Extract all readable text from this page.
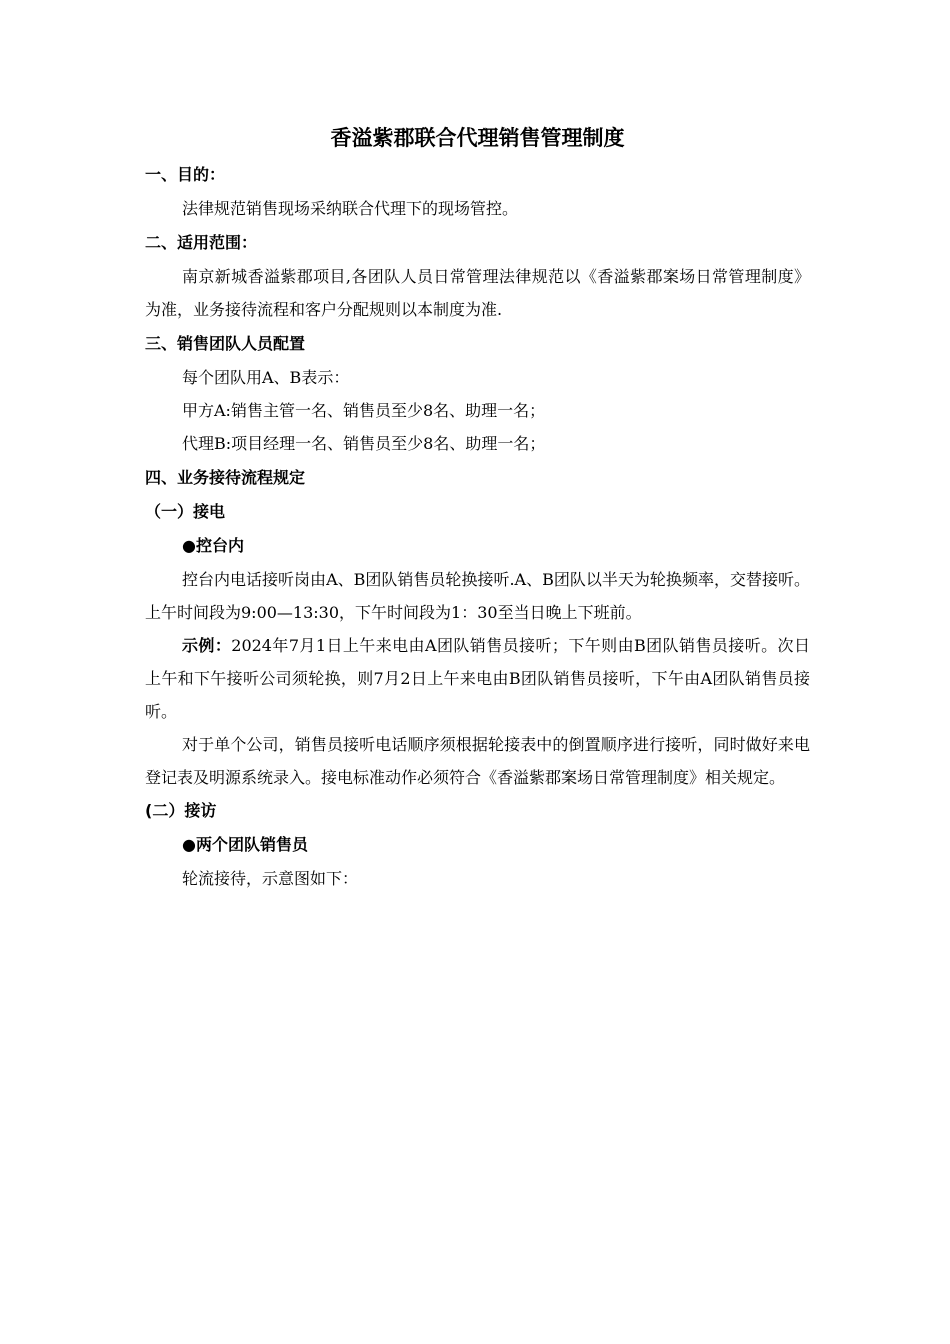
香溢紫郡联合代理销售管理制度
一、目的：

法律规范销售现场采纳联合代理下的现场管控。

二、适用范围：

南京新城香溢紫郡项目,各团队人员日常管理法律规范以《香溢紫郡案场日常管理制度》为准，业务接待流程和客户分配规则以本制度为准.

三、销售团队人员配置

每个团队用A、B表示：

甲方A:销售主管一名、销售员至少8名、助理一名；

代理B:项目经理一名、销售员至少8名、助理一名；

四、业务接待流程规定
（一）接电
●控台内

控台内电话接听岗由A、B团队销售员轮换接听.A、B团队以半天为轮换频率，交替接听。上午时间段为9:00—13:30，下午时间段为1：30至当日晚上下班前。

示例：2024年7月1日上午来电由A团队销售员接听；下午则由B团队销售员接听。次日上午和下午接听公司须轮换，则7月2日上午来电由B团队销售员接听，下午由A团队销售员接听。

对于单个公司，销售员接听电话顺序须根据轮接表中的倒置顺序进行接听，同时做好来电登记表及明源系统录入。接电标准动作必须符合《香溢紫郡案场日常管理制度》相关规定。

(二）接访
●两个团队销售员

轮流接待，示意图如下：
